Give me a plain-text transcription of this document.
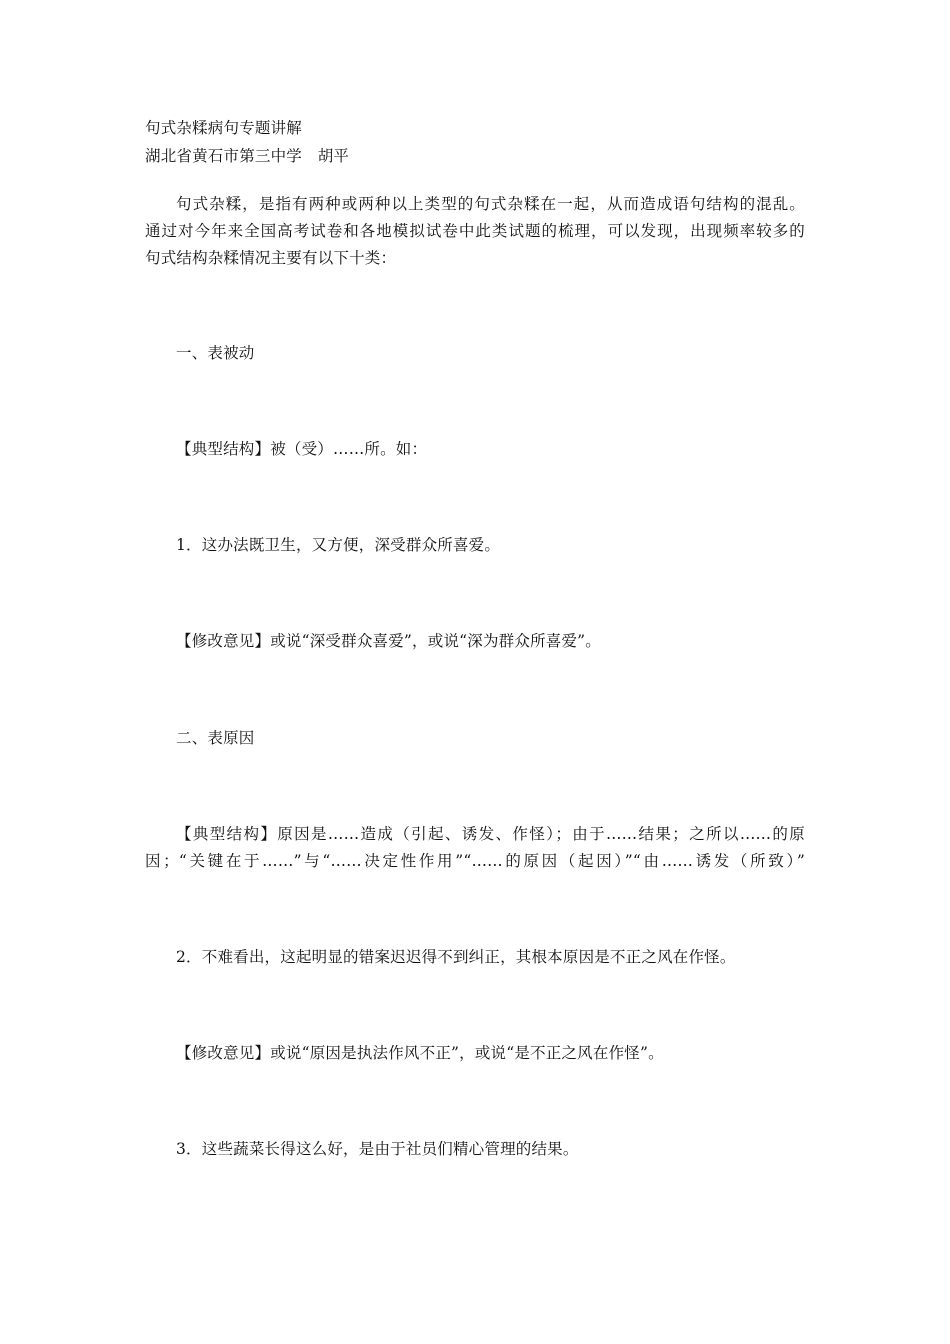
句式杂糅病句专题讲解
湖北省黄石市第三中学　胡平
句式杂糅，是指有两种或两种以上类型的句式杂糅在一起，从而造成语句结构的混乱。
通过对今年来全国高考试卷和各地模拟试卷中此类试题的梳理，可以发现，出现频率较多的
句式结构杂糅情况主要有以下十类：
一、表被动
【典型结构】被（受）……所。如：
1．这办法既卫生，又方便，深受群众所喜爱。
【修改意见】或说“深受群众喜爱”，或说“深为群众所喜爱”。
二、表原因
【典型结构】原因是……造成（引起、诱发、作怪）；由于……结果；之所以……的原
因；“关键在于……”与“……决定性作用”“……的原因（起因）”“由……诱发（所致）”
2．不难看出，这起明显的错案迟迟得不到纠正，其根本原因是不正之风在作怪。
【修改意见】或说“原因是执法作风不正”，或说“是不正之风在作怪”。
3．这些蔬菜长得这么好，是由于社员们精心管理的结果。
